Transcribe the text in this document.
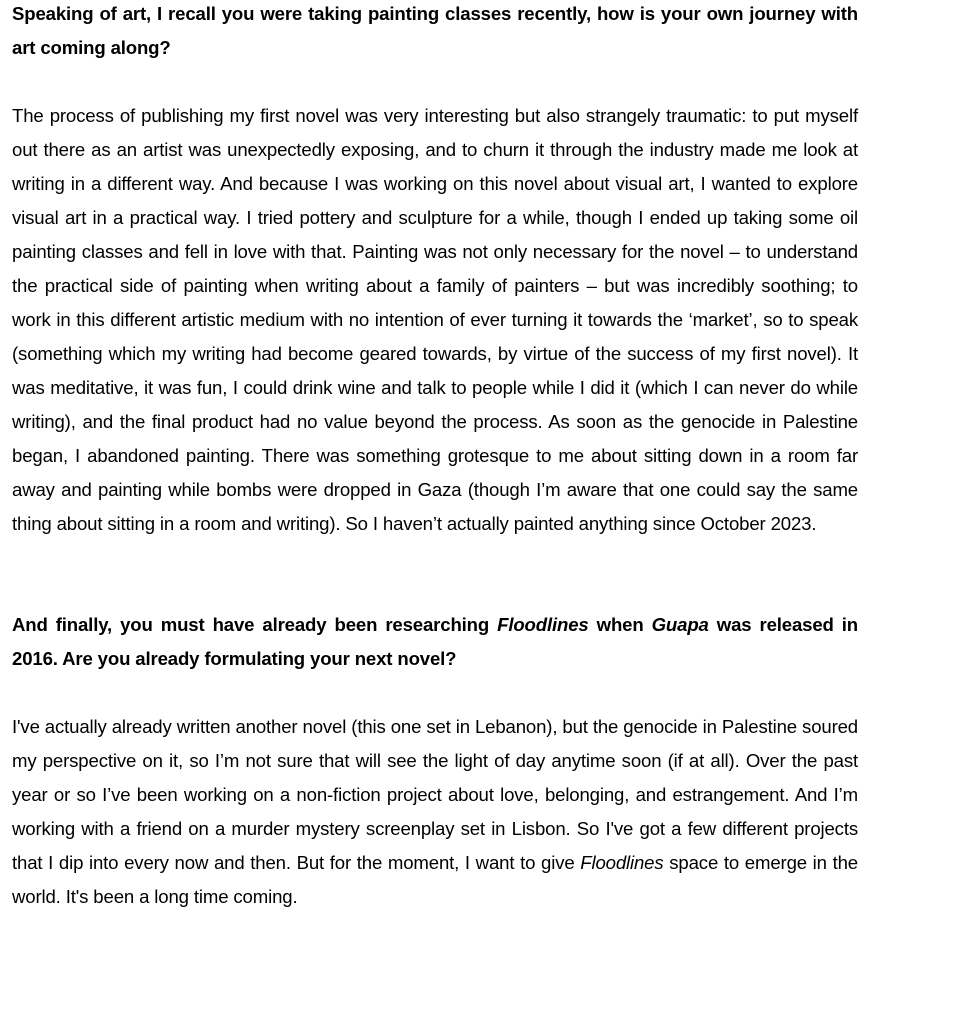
Speaking of art, I recall you were taking painting classes recently, how is your own journey with art coming along?

The process of publishing my first novel was very interesting but also strangely traumatic: to put myself out there as an artist was unexpectedly exposing, and to churn it through the industry made me look at writing in a different way. And because I was working on this novel about visual art, I wanted to explore visual art in a practical way. I tried pottery and sculpture for a while, though I ended up taking some oil painting classes and fell in love with that. Painting was not only necessary for the novel – to understand the practical side of painting when writing about a family of painters – but was incredibly soothing; to work in this different artistic medium with no intention of ever turning it towards the ‘market’, so to speak (something which my writing had become geared towards, by virtue of the success of my first novel). It was meditative, it was fun, I could drink wine and talk to people while I did it (which I can never do while writing), and the final product had no value beyond the process. As soon as the genocide in Palestine began, I abandoned painting. There was something grotesque to me about sitting down in a room far away and painting while bombs were dropped in Gaza (though I’m aware that one could say the same thing about sitting in a room and writing). So I haven’t actually painted anything since October 2023.

And finally, you must have already been researching Floodlines when Guapa was released in 2016. Are you already formulating your next novel?

I've actually already written another novel (this one set in Lebanon), but the genocide in Palestine soured my perspective on it, so I’m not sure that will see the light of day anytime soon (if at all). Over the past year or so I’ve been working on a non-fiction project about love, belonging, and estrangement. And I’m working with a friend on a murder mystery screenplay set in Lisbon. So I've got a few different projects that I dip into every now and then. But for the moment, I want to give Floodlines space to emerge in the world. It's been a long time coming.
